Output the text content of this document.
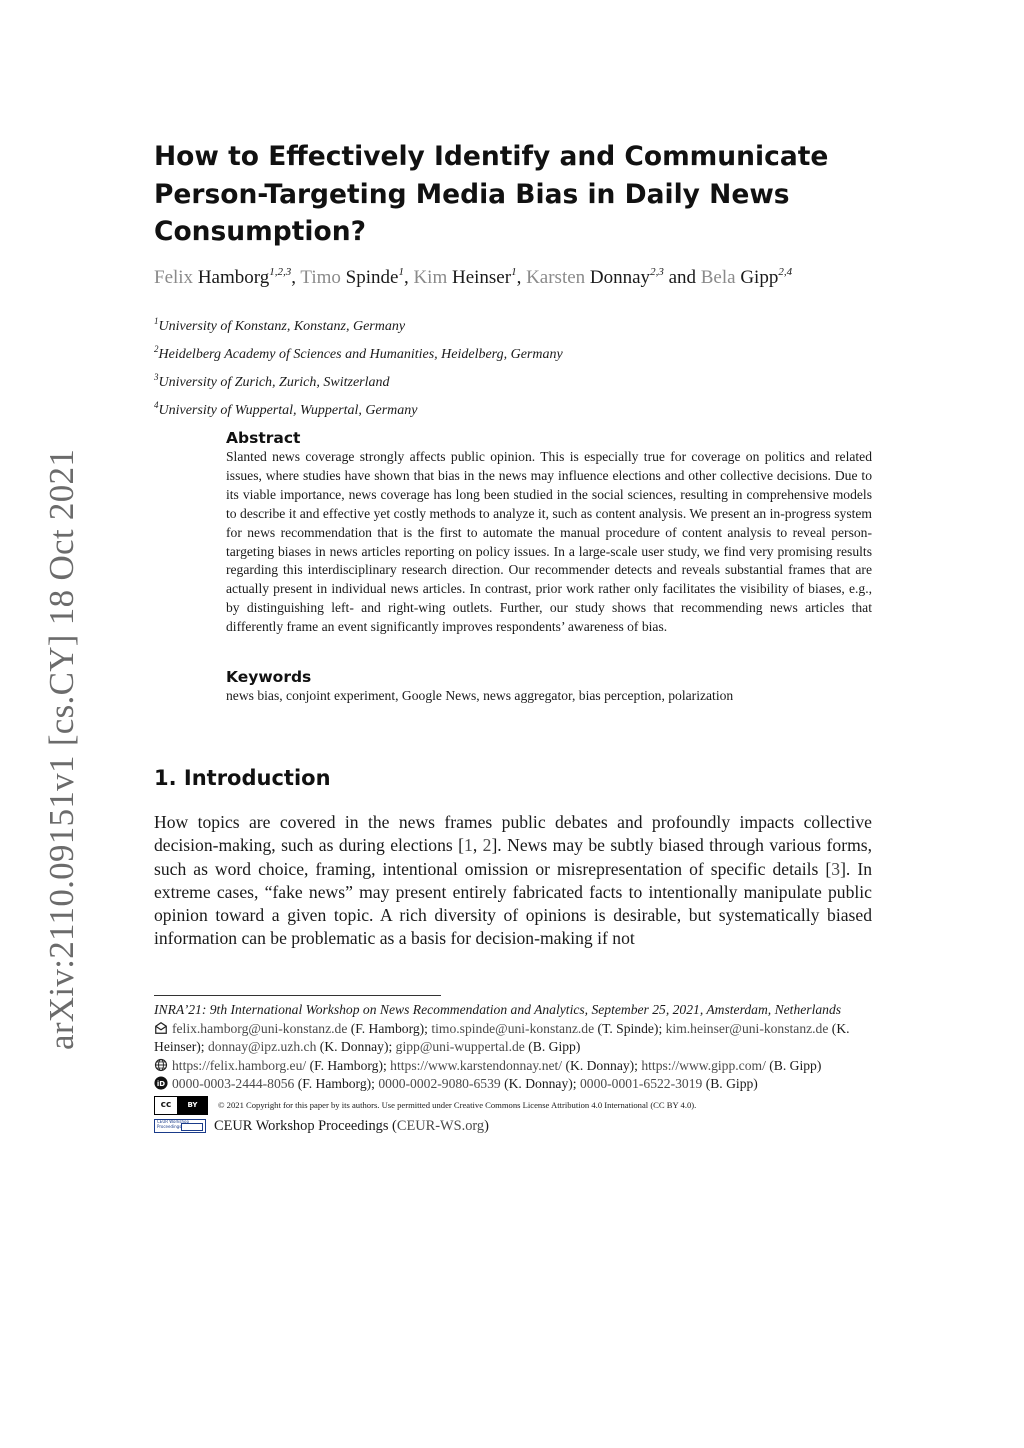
arXiv:2110.09151v1 [cs.CY] 18 Oct 2021
How to Effectively Identify and Communicate Person-Targeting Media Bias in Daily News Consumption?
Felix Hamborg$^{1,2,3}$, Timo Spinde$^1$, Kim Heinser$^1$, Karsten Donnay$^{2,3}$ and Bela Gipp$^{2,4}$
$^1$University of Konstanz, Konstanz, Germany
$^2$Heidelberg Academy of Sciences and Humanities, Heidelberg, Germany
$^3$University of Zurich, Zurich, Switzerland
$^4$University of Wuppertal, Wuppertal, Germany
Abstract

Slanted news coverage strongly affects public opinion. This is especially true for coverage on politics and related issues, where studies have shown that bias in the news may influence elections and other collective decisions. Due to its viable importance, news coverage has long been studied in the social sciences, resulting in comprehensive models to describe it and effective yet costly methods to analyze it, such as content analysis. We present an in-progress system for news recommendation that is the first to automate the manual procedure of content analysis to reveal person-targeting biases in news articles reporting on policy issues. In a large-scale user study, we find very promising results regarding this interdisciplinary research direction. Our recommender detects and reveals substantial frames that are actually present in individual news articles. In contrast, prior work rather only facilitates the visibility of biases, e.g., by distinguishing left- and right-wing outlets. Further, our study shows that recommending news articles that differently frame an event significantly improves respondents’ awareness of bias.

Keywords

news bias, conjoint experiment, Google News, news aggregator, bias perception, polarization

1. Introduction

How topics are covered in the news frames public debates and profoundly impacts collective decision-making, such as during elections [1, 2]. News may be subtly biased through various forms, such as word choice, framing, intentional omission or misrepresentation of specific details [3]. In extreme cases, “fake news” may present entirely fabricated facts to intentionally manipulate public opinion toward a given topic. A rich diversity of opinions is desirable, but systematically biased information can be problematic as a basis for decision-making if not

INRA’21: 9th International Workshop on News Recommendation and Analytics, September 25, 2021, Amsterdam, Netherlands

felix.hamborg@uni-konstanz.de (F. Hamborg); timo.spinde@uni-konstanz.de (T. Spinde); kim.heinser@uni-konstanz.de (K. Heinser); donnay@ipz.uzh.ch (K. Donnay); gipp@uni-wuppertal.de (B. Gipp)

https://felix.hamborg.eu/ (F. Hamborg); https://www.karstendonnay.net/ (K. Donnay); https://www.gipp.com/ (B. Gipp)

iD 0000-0003-2444-8056 (F. Hamborg); 0000-0002-9080-6539 (K. Donnay); 0000-0001-6522-3019 (B. Gipp)

cc	BY	© 2021 Copyright for this paper by its authors. Use permitted under Creative Commons License Attribution 4.0 International (CC BY 4.0).
CEUR Workshop Proceedings	CEUR Workshop Proceedings (CEUR-WS.org)
